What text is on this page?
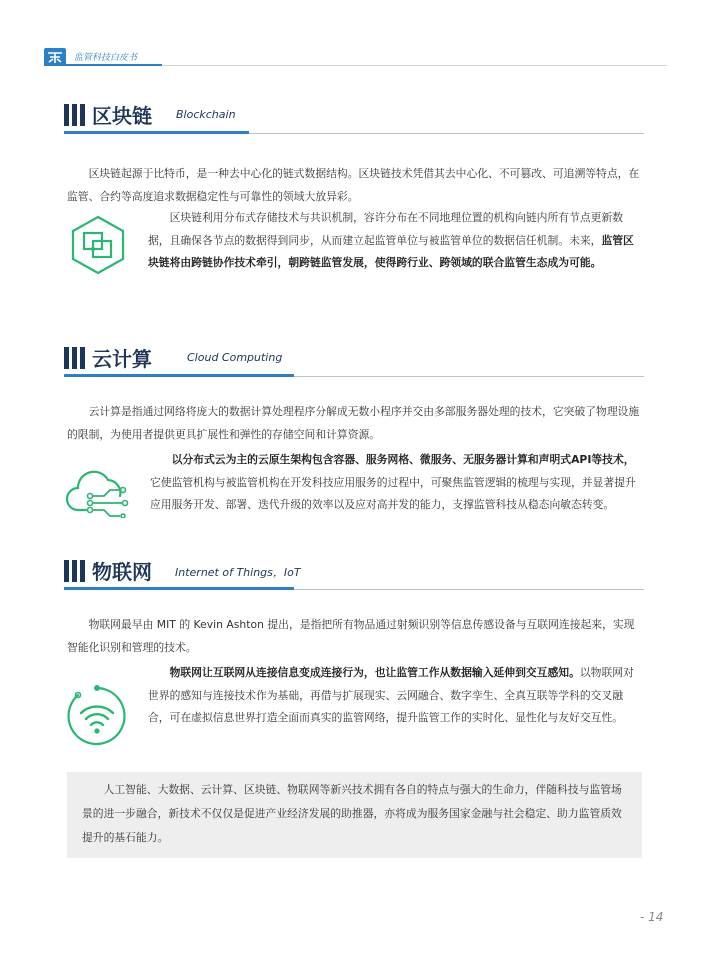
监管科技白皮书
区块链 Blockchain
区块链起源于比特币，是一种去中心化的链式数据结构。区块链技术凭借其去中心化、不可篡改、可追溯等特点，在监管、合约等高度追求数据稳定性与可靠性的领域大放异彩。
区块链利用分布式存储技术与共识机制，容许分布在不同地理位置的机构向链内所有节点更新数据，且确保各节点的数据得到同步，从而建立起监管单位与被监管单位的数据信任机制。未来，监管区块链将由跨链协作技术牵引，朝跨链监管发展，使得跨行业、跨领域的联合监管生态成为可能。
云计算	Cloud Computing
云计算是指通过网络将庞大的数据计算处理程序分解成无数小程序并交由多部服务器处理的技术，它突破了物理设施的限制，为使用者提供更具扩展性和弹性的存储空间和计算资源。
以分布式云为主的云原生架构包含容器、服务网格、微服务、无服务器计算和声明式API等技术，它使监管机构与被监管机构在开发科技应用服务的过程中，可聚焦监管逻辑的梳理与实现，并显著提升应用服务开发、部署、迭代升级的效率以及应对高并发的能力，支撑监管科技从稳态向敏态转变。
物联网 Internet of Things，IoT
物联网最早由 MIT 的 Kevin Ashton 提出，是指把所有物品通过射频识别等信息传感设备与互联网连接起来，实现智能化识别和管理的技术。
物联网让互联网从连接信息变成连接行为，也让监管工作从数据输入延伸到交互感知。以物联网对世界的感知与连接技术作为基础，再借与扩展现实、云网融合、数字孪生、全真互联等学科的交叉融合，可在虚拟信息世界打造全面而真实的监管网络，提升监管工作的实时化、显性化与友好交互性。
人工智能、大数据、云计算、区块链、物联网等新兴技术拥有各自的特点与强大的生命力，伴随科技与监管场景的进一步融合，新技术不仅仅是促进产业经济发展的助推器，亦将成为服务国家金融与社会稳定、助力监管质效提升的基石能力。
- 14
